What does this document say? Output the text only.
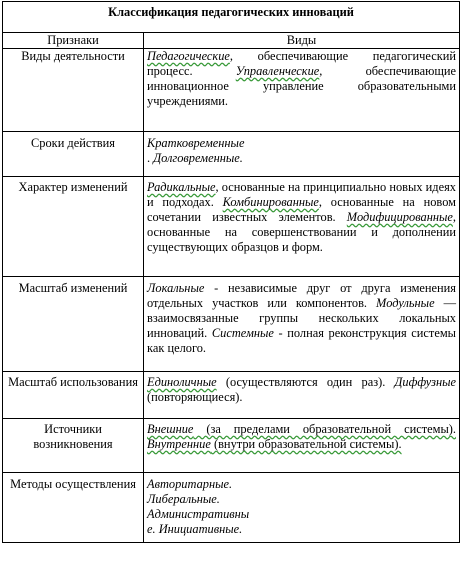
Классификация педагогических инноваций	
Признаки	Виды
Виды деятельности	Педагогические, обеспечивающие педагогический процесс. Управленческие, обеспечивающие инновационное управление образовательными учреждениями.
Сроки действия	Кратковременные
. Долговременные.
Характер изменений	Радикальные, основанные на принципиально новых идеях и подходах. Комбинированные, основанные на новом сочетании известных элементов. Модифицированные, основанные на совершенствовании и дополнении существующих образцов и форм.
Масштаб изменений	Локальные - независимые друг от друга изменения отдельных участков или компонентов. Модульные — взаимосвязанные группы нескольких локальных инноваций. Системные - полная реконструкция системы как целого.
Масштаб использования	Единоличные (осуществляются один раз). Диффузные (повторяющиеся).
Источники возникновения	Внешние (за пределами образовательной системы). Внутренние (внутри образовательной системы).
Методы осуществления	Авторитарные.
Либеральные.
Административны
е. Инициативные.
